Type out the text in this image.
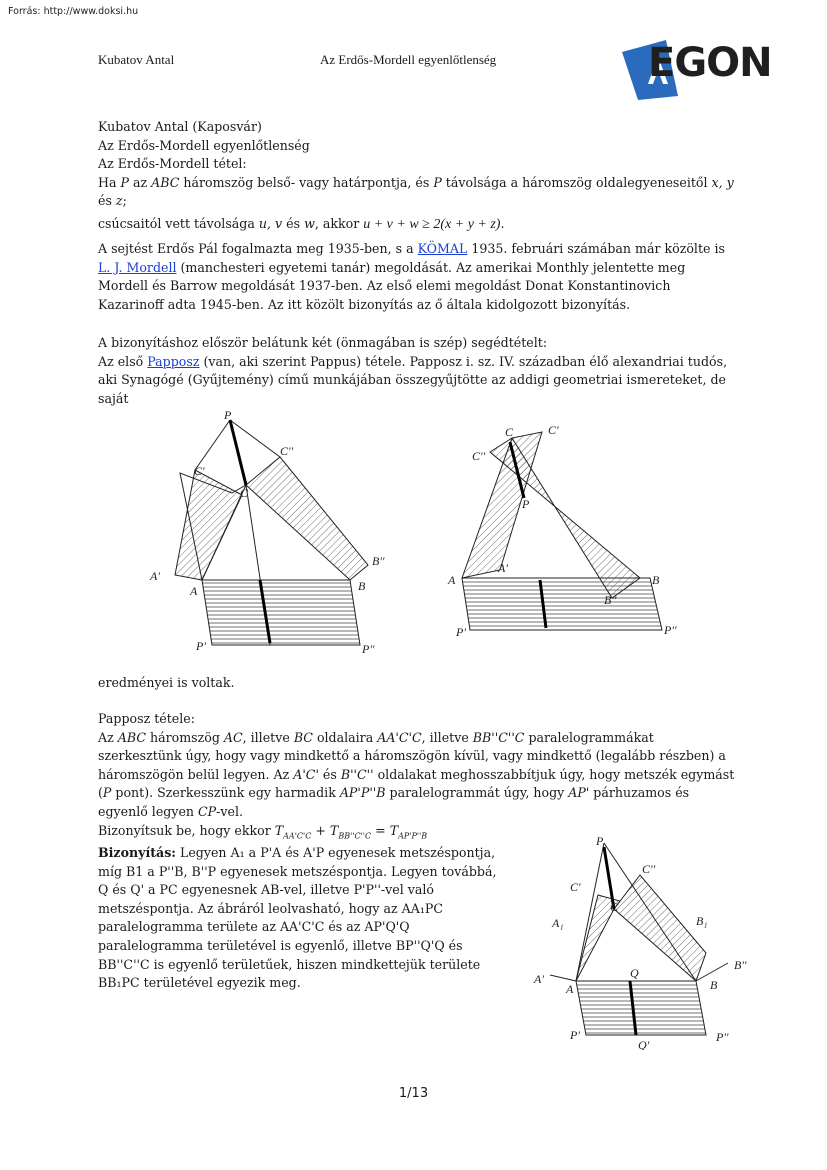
Forrás: http://www.doksi.hu
Kubatov Antal	Az Erdős-Mordell egyenlőtlenség	EGON

Kubatov Antal (Kaposvár)

Az Erdős-Mordell egyenlőtlenség

Az Erdős-Mordell tétel:

Ha P az ABC háromszög belső- vagy határpontja, és P távolsága a háromszög oldalegyeneseitől x, y és z;

csúcsaitól vett távolsága u, v és w, akkor u + v + w ≥ 2(x + y + z).

A sejtést Erdős Pál fogalmazta meg 1935-ben, s a KÖMAL 1935. februári számában már közölte is L. J. Mordell (manchesteri egyetemi tanár) megoldását. Az amerikai Monthly jelentette meg Mordell és Barrow megoldását 1937-ben. Az első elemi megoldást Donat Konstantinovich Kazarinoff adta 1945-ben. Az itt közölt bizonyítás az ő általa kidolgozott bizonyítás.

A bizonyításhoz először belátunk két (önmagában is szép) segédtételt:

Az első Papposz (van, aki szerint Pappus) tétele. Papposz i. sz. IV. században élő alexandriai tudós, aki Synagógé (Gyűjtemény) című munkájában összegyűjtötte az addigi geometriai ismereteket, de saját

P
C''
C'
C
A'
A	B
B''
P'	P''
C	C'
C''
P
A'
A	B
B''
P'	P''
eredményei is voltak.

Papposz tétele:

Az ABC háromszög AC, illetve BC oldalaira AA'C'C, illetve BB''C''C paralelogrammákat szerkesztünk úgy, hogy vagy mindkettő a háromszögön kívül, vagy mindkettő (legalább részben) a háromszögön belül legyen. Az A'C' és B''C'' oldalakat meghosszabbítjuk úgy, hogy metszék egymást (P pont). Szerkesszünk egy harmadik AP'P''B paralelogrammát úgy, hogy AP' párhuzamos és egyenlő legyen CP-vel.

Bizonyítsuk be, hogy ekkor $T_{AA'C'C} + T_{BB''C''C} = T_{AP'P''B}$

Bizonyítás: Legyen A₁ a P'A és A'P egyenesek metszéspontja, míg B1 a P''B, B''P egyenesek metszéspontja. Legyen továbbá, Q és Q' a PC egyenesnek AB-vel, illetve P'P''-vel való metszéspontja. Az ábráról leolvasható, hogy az AA₁PC paralelogramma területe az AA'C'C és az AP'Q'Q paralelogramma területével is egyenlő, illetve BP''Q'Q és BB''C''C is egyenlő területűek, hiszen mindkettejük területe BB₁PC területével egyezik meg.

P
C''
C'
C
A₁	B₁
B''
A'	Q
A	B
P'
Q'
P''
1/13
